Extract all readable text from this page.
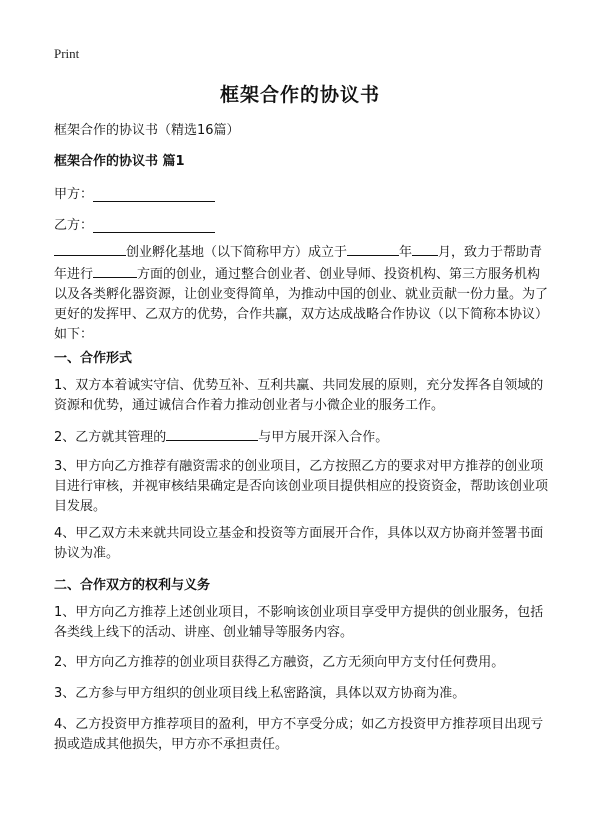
Print
框架合作的协议书

框架合作的协议书（精选16篇）

框架合作的协议书 篇1

甲方：
乙方：

创业孵化基地（以下简称甲方）成立于	年 月，致力于帮助青年进行	方面的创业，通过整合创业者、创业导师、投资机构、第三方服务机构以及各类孵化器资源，让创业变得简单，为推动中国的创业、就业贡献一份力量。为了更好的发挥甲、乙双方的优势，合作共赢，双方达成战略合作协议（以下简称本协议）如下：

一、合作形式

1、双方本着诚实守信、优势互补、互利共赢、共同发展的原则，充分发挥各自领域的资源和优势，通过诚信合作着力推动创业者与小微企业的服务工作。

2、乙方就其管理的	与甲方展开深入合作。

3、甲方向乙方推荐有融资需求的创业项目，乙方按照乙方的要求对甲方推荐的创业项目进行审核，并视审核结果确定是否向该创业项目提供相应的投资资金，帮助该创业项目发展。

4、甲乙双方未来就共同设立基金和投资等方面展开合作，具体以双方协商并签署书面协议为准。

二、合作双方的权利与义务

1、甲方向乙方推荐上述创业项目，不影响该创业项目享受甲方提供的创业服务，包括各类线上线下的活动、讲座、创业辅导等服务内容。

2、甲方向乙方推荐的创业项目获得乙方融资，乙方无须向甲方支付任何费用。

3、乙方参与甲方组织的创业项目线上私密路演，具体以双方协商为准。

4、乙方投资甲方推荐项目的盈利，甲方不享受分成；如乙方投资甲方推荐项目出现亏损或造成其他损失，甲方亦不承担责任。
